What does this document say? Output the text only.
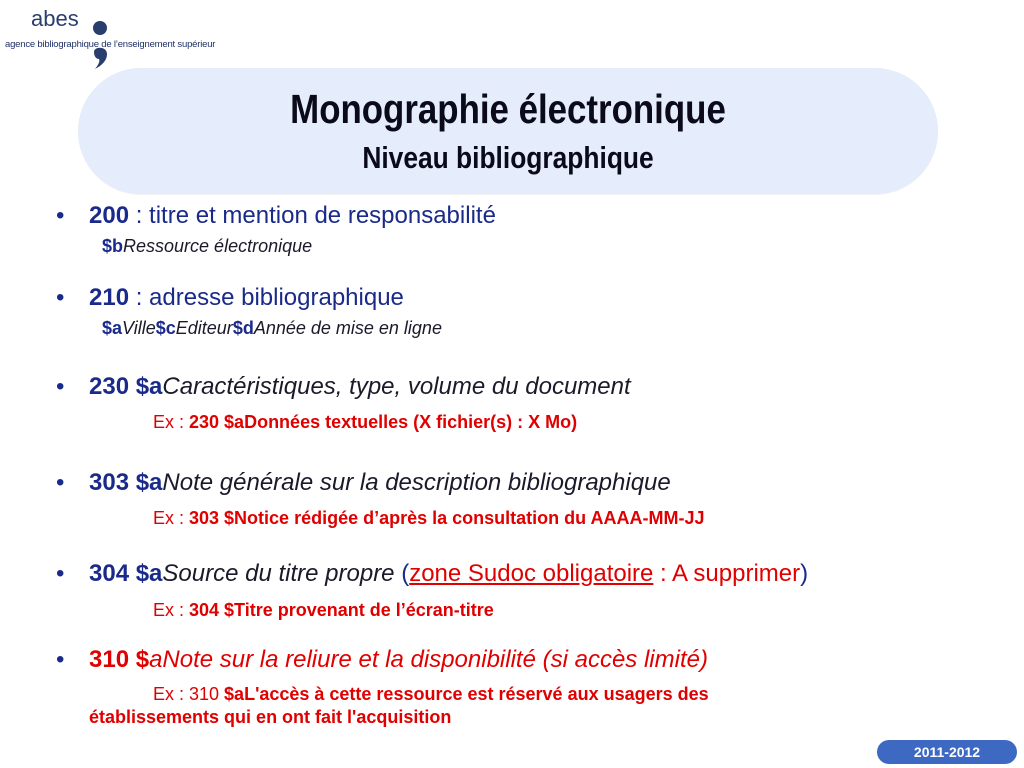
abes
agence bibliographique de l’enseignement supérieur
Monographie électronique
Niveau bibliographique
• 200 : titre et mention de responsabilité
$bRessource électronique
• 210 : adresse bibliographique
$aVille$cEditeur$dAnnée de mise en ligne
• 230 $aCaractéristiques, type, volume du document
Ex : 230 $aDonnées textuelles (X fichier(s) : X Mo)
• 303 $aNote générale sur la description bibliographique
Ex : 303 $Notice rédigée d’après la consultation du AAAA-MM-JJ
• 304 $aSource du titre propre (zone Sudoc obligatoire : A supprimer)
Ex : 304 $Titre provenant de l’écran-titre
• 310 $aNote sur la reliure et la disponibilité (si accès limité)
Ex : 310 $aL'accès à cette ressource est réservé aux usagers des
établissements qui en ont fait l'acquisition
2011-2012
